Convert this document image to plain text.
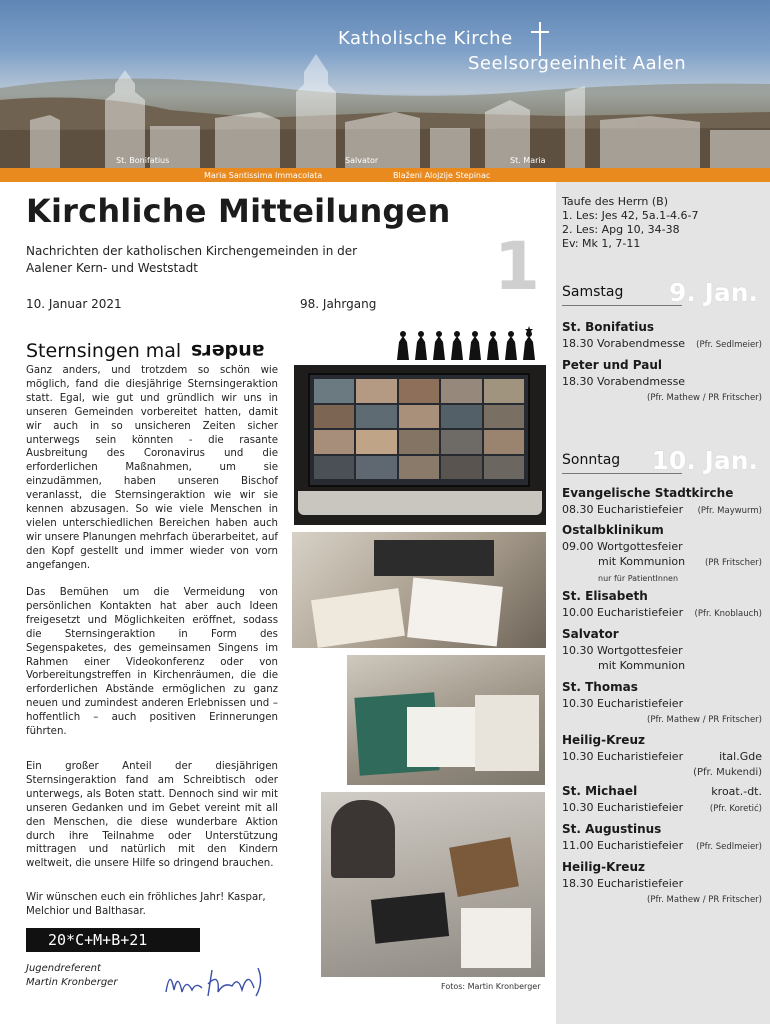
Katholische Kirche
Seelsorgeeinheit Aalen
St. Bonifatius	Salvator	St. Maria
Maria Santissima Immacolata	Blaženi Alojzije Stepinac
Kirchliche Mitteilungen
Nachrichten der katholischen Kirchengemeinden in der Aalener Kern- und Weststadt	1
10. Januar 2021	98. Jahrgang
Sternsingen mal anders
Ganz anders, und trotzdem so schön wie möglich, fand die diesjährige Sternsingeraktion statt. Egal, wie gut und gründlich wir uns in unseren Gemeinden vorbereitet hatten, damit wir auch in so unsicheren Zeiten sicher unterwegs sein könnten - die rasante Ausbreitung des Coronavirus und die erforderlichen Maßnahmen, um sie einzudämmen, haben unseren Bischof veranlasst, die Sternsingeraktion wie wir sie kennen abzusagen. So wie viele Menschen in vielen unterschiedlichen Bereichen haben auch wir unsere Planungen mehrfach überarbeitet, auf den Kopf gestellt und immer wieder von vorn angefangen.
Das Bemühen um die Vermeidung von persönlichen Kontakten hat aber auch Ideen freigesetzt und Möglichkeiten eröffnet, sodass die Sternsingeraktion in Form des Segenspaketes, des gemeinsamen Singens im Rahmen einer Videokonferenz oder von Vorbereitungstreffen in Kirchenräumen, die die erforderlichen Abstände ermöglichen zu ganz neuen und zumindest anderen Erlebnissen und – hoffentlich – auch positiven Erinnerungen führten.
Ein großer Anteil der diesjährigen Sternsingeraktion fand am Schreibtisch oder unterwegs, als Boten statt. Dennoch sind wir mit unseren Gedanken und im Gebet vereint mit all den Menschen, die diese wunderbare Aktion durch ihre Teilnahme oder Unterstützung mittragen und natürlich mit den Kindern weltweit, die unsere Hilfe so dringend brauchen.
Wir wünschen euch ein fröhliches Jahr! Kaspar, Melchior und Balthasar.
20*C+M+B+21
Jugendreferent
Martin Kronberger	Fotos: Martin Kronberger
Taufe des Herrn (B)
1. Les: Jes 42, 5a.1-4.6-7
2. Les: Apg 10, 34-38
Ev: Mk 1, 7-11
Samstag 9. Jan.
St. Bonifatius
18.30 Vorabendmesse (Pfr. Sedlmeier)
Peter und Paul
18.30 Vorabendmesse
(Pfr. Mathew / PR Fritscher)
Sonntag 10. Jan.
Evangelische Stadtkirche
08.30 Eucharistiefeier (Pfr. Maywurm)
Ostalbklinikum
09.00 Wortgottesfeier
mit Kommunion (PR Fritscher)
nur für PatientInnen
St. Elisabeth
10.00 Eucharistiefeier (Pfr. Knoblauch)
Salvator
10.30 Wortgottesfeier
mit Kommunion
St. Thomas
10.30 Eucharistiefeier
(Pfr. Mathew / PR Fritscher)
Heilig-Kreuz
10.30 Eucharistiefeier	ital.Gde
(Pfr. Mukendi)
St. Michael	kroat.-dt.
10.30 Eucharistiefeier	(Pfr. Koretić)
St. Augustinus
11.00 Eucharistiefeier (Pfr. Sedlmeier)
Heilig-Kreuz
18.30 Eucharistiefeier
(Pfr. Mathew / PR Fritscher)
